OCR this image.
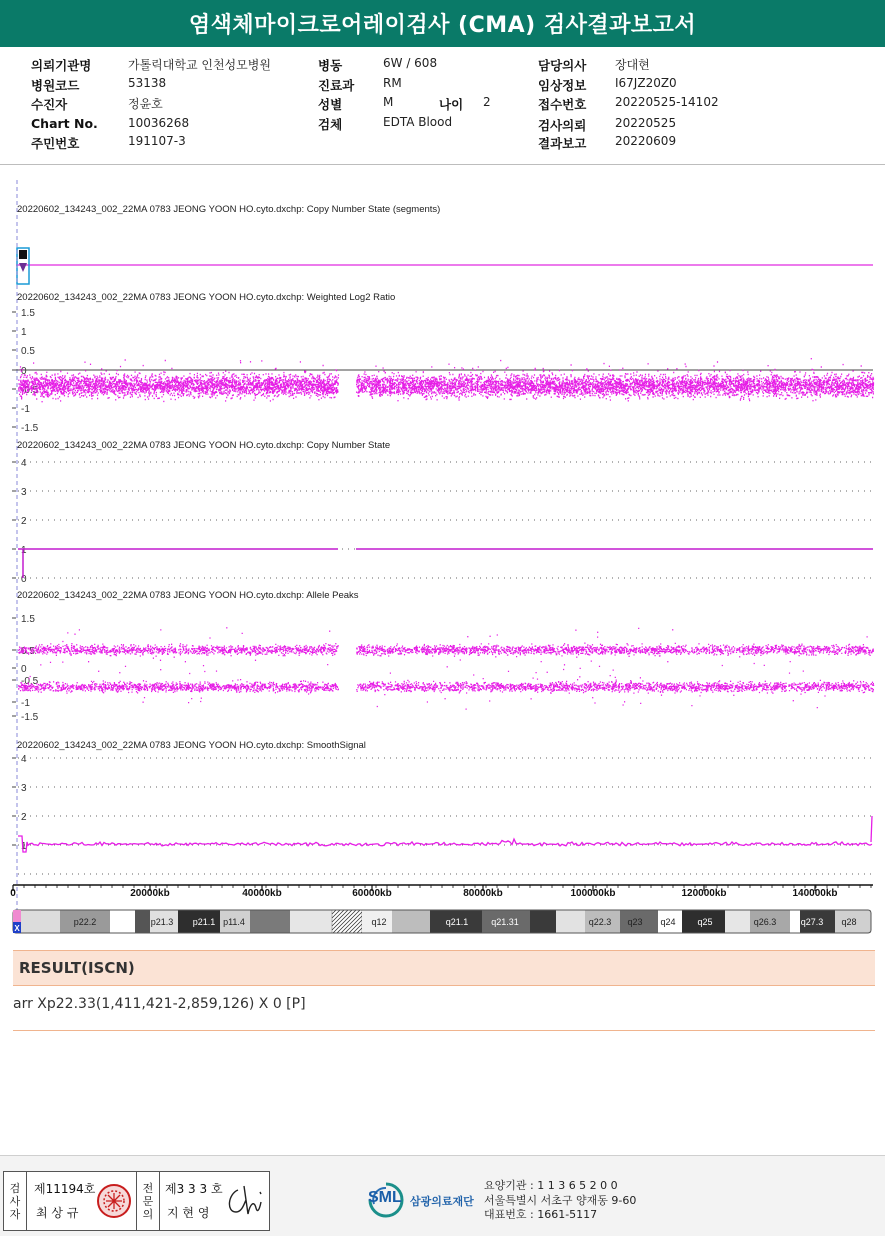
염색체마이크로어레이검사 (CMA) 검사결과보고서
의뢰기관명	가톨릭대학교 인천성모병원
병원코드	53138
수진자	정윤호
Chart No.	10036268
주민번호	191107-3
병동	6W / 608
진료과 RM
성별	M	나이 2
검체	EDTA Blood
담당의사 장대현
임상정보 I67JZ20Z0
접수번호 20220525-14102
검사의뢰 20220525
결과보고 20220609
20220602_134243_002_22MA 0783 JEONG YOON HO.cyto.dxchp: Copy Number State (segments)
20220602_134243_002_22MA 0783 JEONG YOON HO.cyto.dxchp: Weighted Log2 Ratio
20220602_134243_002_22MA 0783 JEONG YOON HO.cyto.dxchp: Copy Number State
20220602_134243_002_22MA 0783 JEONG YOON HO.cyto.dxchp: Allele Peaks
20220602_134243_002_22MA 0783 JEONG YOON HO.cyto.dxchp: SmoothSignal
1.5
1
0.5
0
-0.5
-1
-1.5
4
3
2
1
0
1.5
0.5
0
-0.5
-1
-1.5
4
3
2
1
0	20000kb	40000kb	60000kb	80000kb	100000kb	120000kb	140000kb
p22.2	p21.3 p21.1 p11.4	q12	q21.1	q21.31	q22.3 q23 q24 q25	q26.3	q27.3 q28
X
RESULT(ISCN)
arr Xp22.33(1,411,421-2,859,126) X 0 [P]
검
사
자
제11194호
최 상 규
전
문
의
제3 3 3 호
지 현 영
SML 삼광의료재단
요양기관 : 1 1 3 6 5 2 0 0
서울특별시 서초구 양재동 9-60
대표번호 : 1661-5117
